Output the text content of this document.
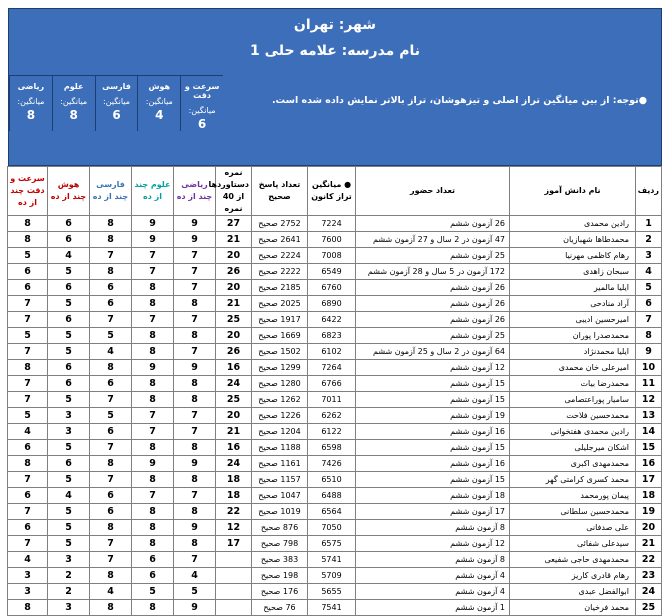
شهر: تهران
نام مدرسه: علامه حلی 1
●توجه: از بین میانگین تراز اصلی و تیزهوشان، تراز بالاتر نمایش داده شده است.
ریاضی
میانگین:
8
علوم
میانگین:
8
فارسی
میانگین:
6
هوش
میانگین:
4
سرعت و دقت
میانگین:
6
ردیف	نام دانش آموز	تعداد حضور	● میانگین تراز کانون	تعداد پاسخ صحیح	نمره دستاوردها از 40 نمره	ریاضی چند از ده	علوم چند از ده	فارسی چند از ده	هوش چند از ده	سرعت و دقت چند از ده
1	رادین محمدی	26 آزمون ششم	7224	2752 صحیح	27	9	9	8	6	8
2	محمدطاها شهبازیان	47 آزمون در 2 سال و 27 آزمون ششم	7600	2641 صحیح	21	9	9	8	6	8
3	رهام کاظمی مهرنیا	25 آزمون ششم	7008	2224 صحیح	20	7	7	7	4	5
4	سبحان زاهدی	172 آزمون در 5 سال و 28 آزمون ششم	6549	2222 صحیح	26	7	7	8	5	6
5	ایلیا مالمیر	26 آزمون ششم	6760	2185 صحیح	20	7	8	6	6	6
6	آراد منادحی	26 آزمون ششم	6890	2025 صحیح	21	8	8	6	5	7
7	امیرحسین ادیبی	26 آزمون ششم	6422	1917 صحیح	25	7	7	7	6	7
8	محمدصدرا پوران	25 آزمون ششم	6823	1669 صحیح	20	8	8	5	5	5
9	ایلیا محمدنژاد	64 آزمون در 2 سال و 25 آزمون ششم	6102	1502 صحیح	26	7	8	4	5	7
10	امیرعلی خان محمدی	12 آزمون ششم	7264	1299 صحیح	16	9	9	8	6	8
11	محمدرضا بیات	15 آزمون ششم	6766	1280 صحیح	24	8	8	6	6	7
12	سامیار پوراعتصامی	15 آزمون ششم	7011	1262 صحیح	25	8	8	7	5	7
13	محمدحسین فلاحت	19 آزمون ششم	6262	1226 صحیح	20	7	7	5	3	5
14	رادین محمدی هفتخوانی	16 آزمون ششم	6122	1204 صحیح	21	7	7	6	3	4
15	اشکان میرجلیلی	15 آزمون ششم	6598	1188 صحیح	16	8	8	7	5	6
16	محمدمهدی اکبری	16 آزمون ششم	7426	1161 صحیح	24	9	9	8	6	8
17	محمد کسری کرامتی گهر	15 آزمون ششم	6510	1157 صحیح	18	8	8	7	5	7
18	پیمان پورمحمد	18 آزمون ششم	6488	1047 صحیح	18	7	7	6	4	6
19	محمدحسین سلطانی	17 آزمون ششم	6564	1019 صحیح	22	8	8	6	5	7
20	علی صدفانی	8 آزمون ششم	7050	876 صحیح	12	9	8	8	5	6
21	سیدعلی شفائی	12 آزمون ششم	6575	798 صحیح	17	8	8	7	5	7
22	محمدمهدی حاجی شفیعی	8 آزمون ششم	5741	383 صحیح		7	6	7	3	4
23	رهام قادری کاریز	4 آزمون ششم	5709	198 صحیح		4	6	8	2	3
24	ابوالفضل عبدی	4 آزمون ششم	5655	176 صحیح		5	5	4	2	3
25	محمد فرخیان	1 آزمون ششم	7541	76 صحیح		9	8	8	3	8
